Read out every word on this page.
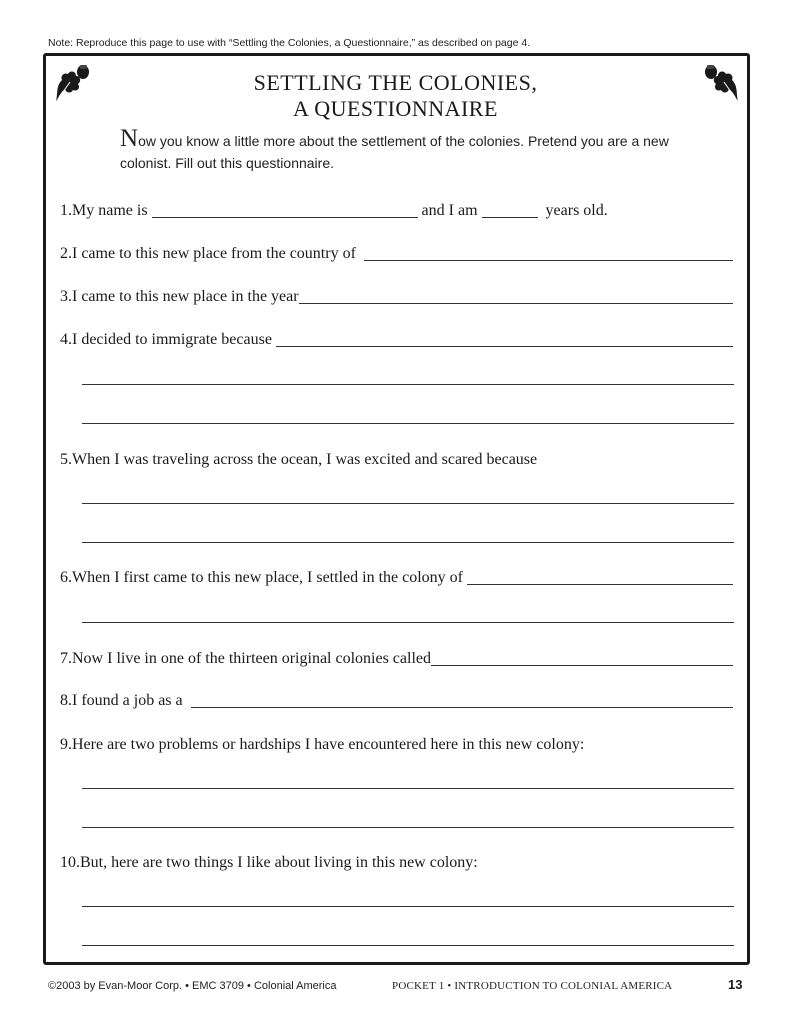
Note: Reproduce this page to use with “Settling the Colonies, a Questionnaire,” as described on page 4.
SETTLING THE COLONIES,
A QUESTIONNAIRE
Now you know a little more about the settlement of the colonies. Pretend you are a new colonist. Fill out this questionnaire.
1. My name is	and I am	years old.
2. I came to this new place from the country of
3. I came to this new place in the year
4. I decided to immigrate because
5. When I was traveling across the ocean, I was excited and scared because
6. When I first came to this new place, I settled in the colony of
7. Now I live in one of the thirteen original colonies called
8. I found a job as a
9. Here are two problems or hardships I have encountered here in this new colony:
10. But, here are two things I like about living in this new colony:
©2003 by Evan-Moor Corp. • EMC 3709 • Colonial America	POCKET 1 • INTRODUCTION TO COLONIAL AMERICA	13
